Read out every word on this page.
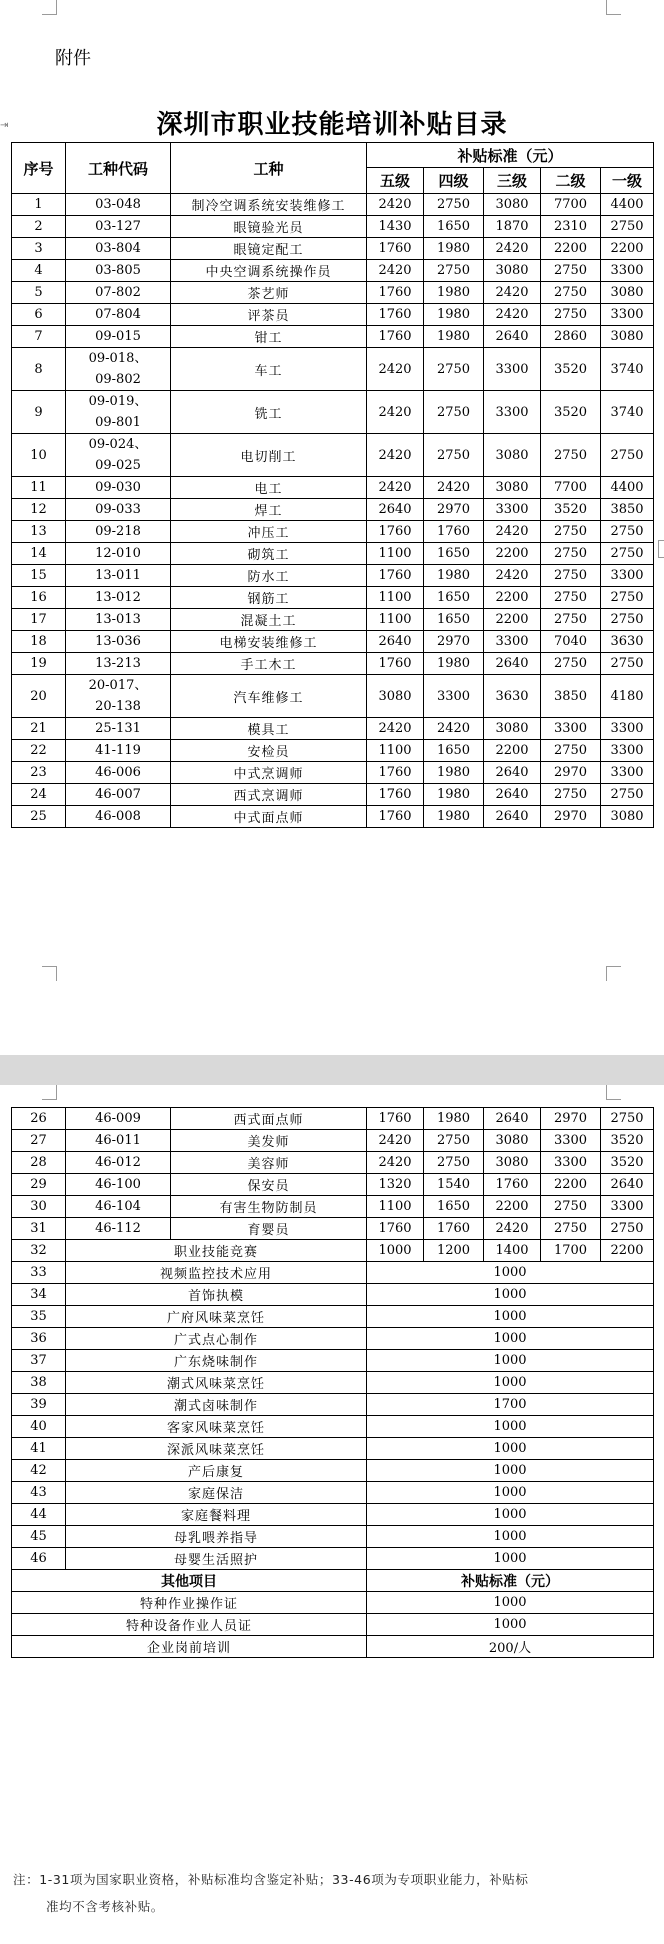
⇥
附件
深圳市职业技能培训补贴目录
序号	工种代码	工种	补贴标准（元）				
			五级	四级	三级	二级	一级
1	03-048	制冷空调系统安装维修工	2420	2750	3080	7700	4400
2	03-127	眼镜验光员	1430	1650	1870	2310	2750
3	03-804	眼镜定配工	1760	1980	2420	2200	2200
4	03-805	中央空调系统操作员	2420	2750	3080	2750	3300
5	07-802	茶艺师	1760	1980	2420	2750	3080
6	07-804	评茶员	1760	1980	2420	2750	3300
7	09-015	钳工	1760	1980	2640	2860	3080
8	09-018、
09-802	车工	2420	2750	3300	3520	3740
9	09-019、
09-801	铣工	2420	2750	3300	3520	3740
10	09-024、
09-025	电切削工	2420	2750	3080	2750	2750
11	09-030	电工	2420	2420	3080	7700	4400
12	09-033	焊工	2640	2970	3300	3520	3850
13	09-218	冲压工	1760	1760	2420	2750	2750
14	12-010	砌筑工	1100	1650	2200	2750	2750
15	13-011	防水工	1760	1980	2420	2750	3300
16	13-012	钢筋工	1100	1650	2200	2750	2750
17	13-013	混凝土工	1100	1650	2200	2750	2750
18	13-036	电梯安装维修工	2640	2970	3300	7040	3630
19	13-213	手工木工	1760	1980	2640	2750	2750
20	20-017、
20-138	汽车维修工	3080	3300	3630	3850	4180
21	25-131	模具工	2420	2420	3080	3300	3300
22	41-119	安检员	1100	1650	2200	2750	3300
23	46-006	中式烹调师	1760	1980	2640	2970	3300
24	46-007	西式烹调师	1760	1980	2640	2750	2750
25	46-008	中式面点师	1760	1980	2640	2970	3080
26	46-009	西式面点师	1760	1980	2640	2970	2750
27	46-011	美发师	2420	2750	3080	3300	3520
28	46-012	美容师	2420	2750	3080	3300	3520
29	46-100	保安员	1320	1540	1760	2200	2640
30	46-104	有害生物防制员	1100	1650	2200	2750	3300
31	46-112	育婴员	1760	1760	2420	2750	2750
32	职业技能竞赛		1000	1200	1400	1700	2200
33	视频监控技术应用		1000				
34	首饰执模		1000				
35	广府风味菜烹饪		1000				
36	广式点心制作		1000				
37	广东烧味制作		1000				
38	潮式风味菜烹饪		1000				
39	潮式卤味制作		1700				
40	客家风味菜烹饪		1000				
41	深派风味菜烹饪		1000				
42	产后康复		1000				
43	家庭保洁		1000				
44	家庭餐料理		1000				
45	母乳喂养指导		1000				
46	母婴生活照护		1000				
其他项目			补贴标准（元）				
特种作业操作证			1000				
特种设备作业人员证			1000				
企业岗前培训			200/人				
注：1-31项为国家职业资格，补贴标准均含鉴定补贴；33-46项为专项职业能力，补贴标
准均不含考核补贴。
